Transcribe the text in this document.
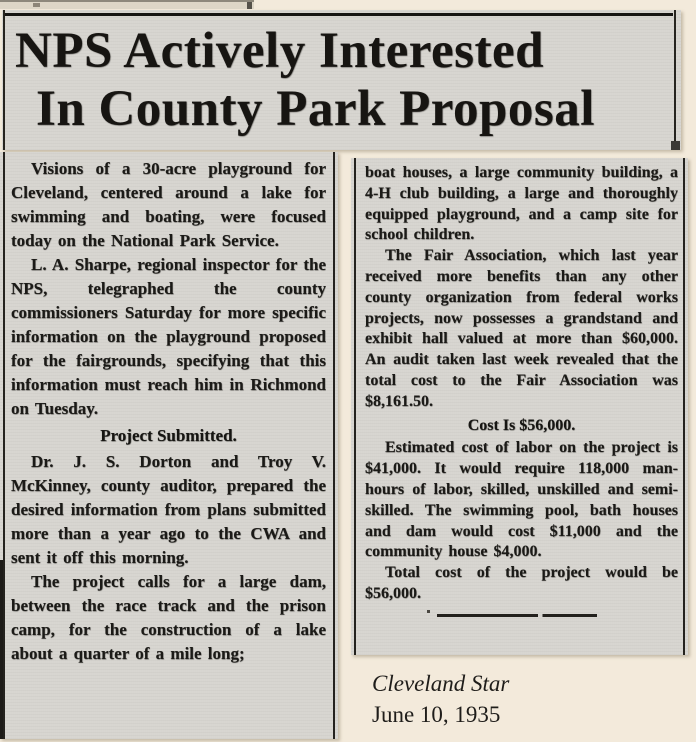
NPS Actively Interested
In County Park Proposal

Visions of a 30-acre playground for Cleveland, centered around a lake for swimming and boating, were focused today on the National Park Service.

L. A. Sharpe, regional inspector for the NPS, telegraphed the county commissioners Saturday for more specific information on the playground proposed for the fairgrounds, specifying that this information must reach him in Richmond on Tuesday.

Project Submitted.

Dr. J. S. Dorton and Troy V. McKinney, county auditor, prepared the desired information from plans submitted more than a year ago to the CWA and sent it off this morning.

The project calls for a large dam, between the race track and the prison camp, for the construction of a lake about a quarter of a mile long;

boat houses, a large community building, a 4-H club building, a large and thoroughly equipped playground, and a camp site for school children.

The Fair Association, which last year received more benefits than any other county organization from federal works projects, now possesses a grandstand and exhibit hall valued at more than $60,000. An audit taken last week revealed that the total cost to the Fair Association was $8,161.50.

Cost Is $56,000.

Estimated cost of labor on the project is $41,000. It would require 118,000 man-hours of labor, skilled, unskilled and semi-skilled. The swimming pool, bath houses and dam would cost $11,000 and the community house $4,000.

Total cost of the project would be $56,000.

Cleveland Star
June 10, 1935
